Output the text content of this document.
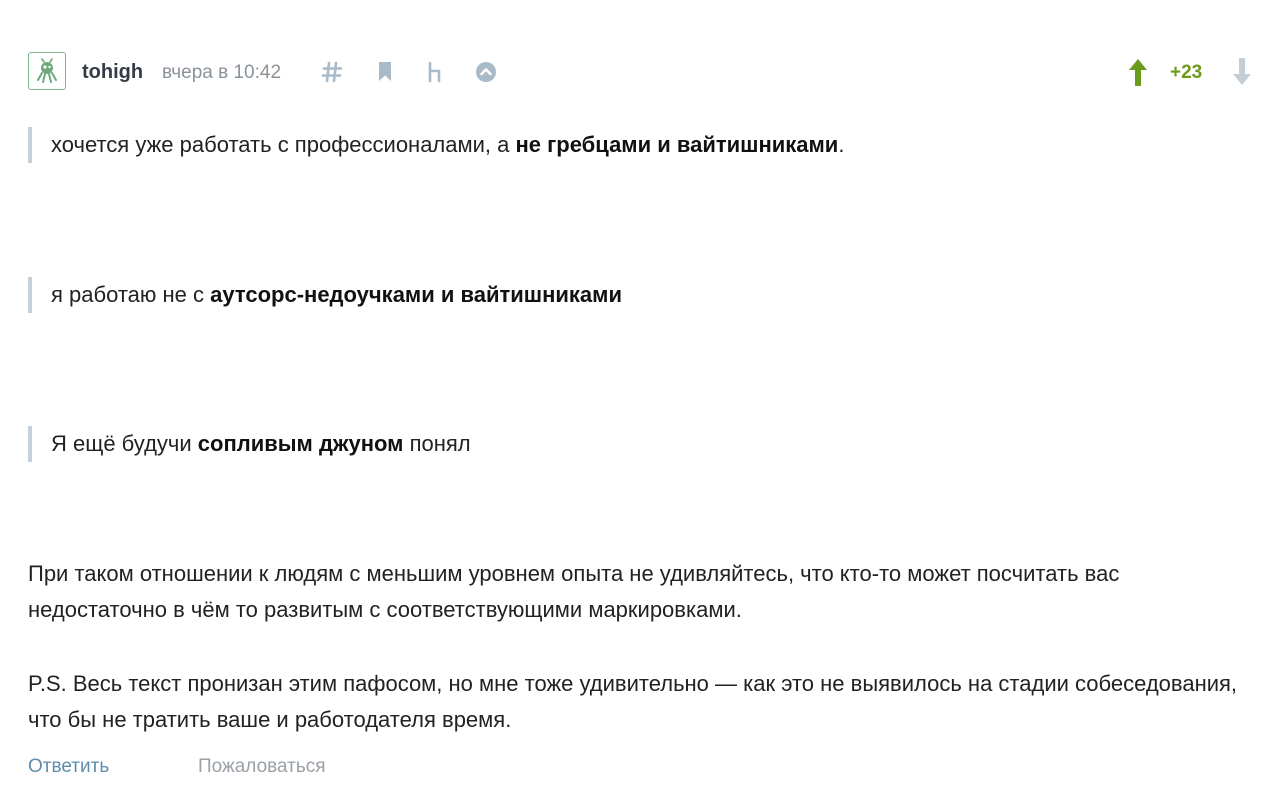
tohigh вчера в 10:42	+23
хочется уже работать с профессионалами, а не гребцами и вайтишниками.
я работаю не с аутсорс-недоучками и вайтишниками
Я ещё будучи сопливым джуном понял
При таком отношении к людям с меньшим уровнем опыта не удивляйтесь, что кто-то может посчитать вас недостаточно в чём то развитым с соответствующими маркировками.
P.S. Весь текст пронизан этим пафосом, но мне тоже удивительно — как это не выявилось на стадии собеседования, что бы не тратить ваше и работодателя время.
Ответить	Пожаловаться
